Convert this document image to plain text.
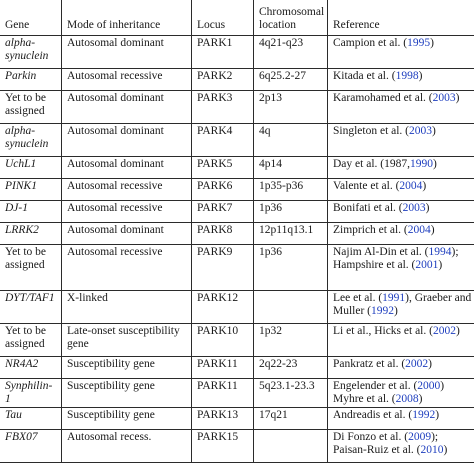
Gene	Mode of inheritance	Locus	Chromosomal location	Reference
alpha-synuclein	Autosomal dominant	PARK1	4q21-q23	Campion et al. (1995)
Parkin	Autosomal recessive	PARK2	6q25.2-27	Kitada et al. (1998)
Yet to be assigned	Autosomal dominant	PARK3	2p13	Karamohamed et al. (2003)
alpha-synuclein	Autosomal dominant	PARK4	4q	Singleton et al. (2003)
UchL1	Autosomal dominant	PARK5	4p14	Day et al. (1987,1990)
PINK1	Autosomal recessive	PARK6	1p35-p36	Valente et al. (2004)
DJ-1	Autosomal recessive	PARK7	1p36	Bonifati et al. (2003)
LRRK2	Autosomal dominant	PARK8	12p11q13.1	Zimprich et al. (2004)
Yet to be assigned	Autosomal recessive	PARK9	1p36	Najim Al-Din et al. (1994); Hampshire et al. (2001)
DYT/TAF1	X-linked	PARK12		Lee et al. (1991), Graeber and Muller (1992)
Yet to be assigned	Late-onset susceptibility gene	PARK10	1p32	Li et al., Hicks et al. (2002)
NR4A2	Susceptibility gene	PARK11	2q22-23	Pankratz et al. (2002)
Synphilin-1	Susceptibility gene	PARK11	5q23.1-23.3	Engelender et al. (2000) Myhre et al. (2008)
Tau	Susceptibility gene	PARK13	17q21	Andreadis et al. (1992)
FBX07	Autosomal recess.	PARK15		Di Fonzo et al. (2009); Paisan-Ruiz et al. (2010)
